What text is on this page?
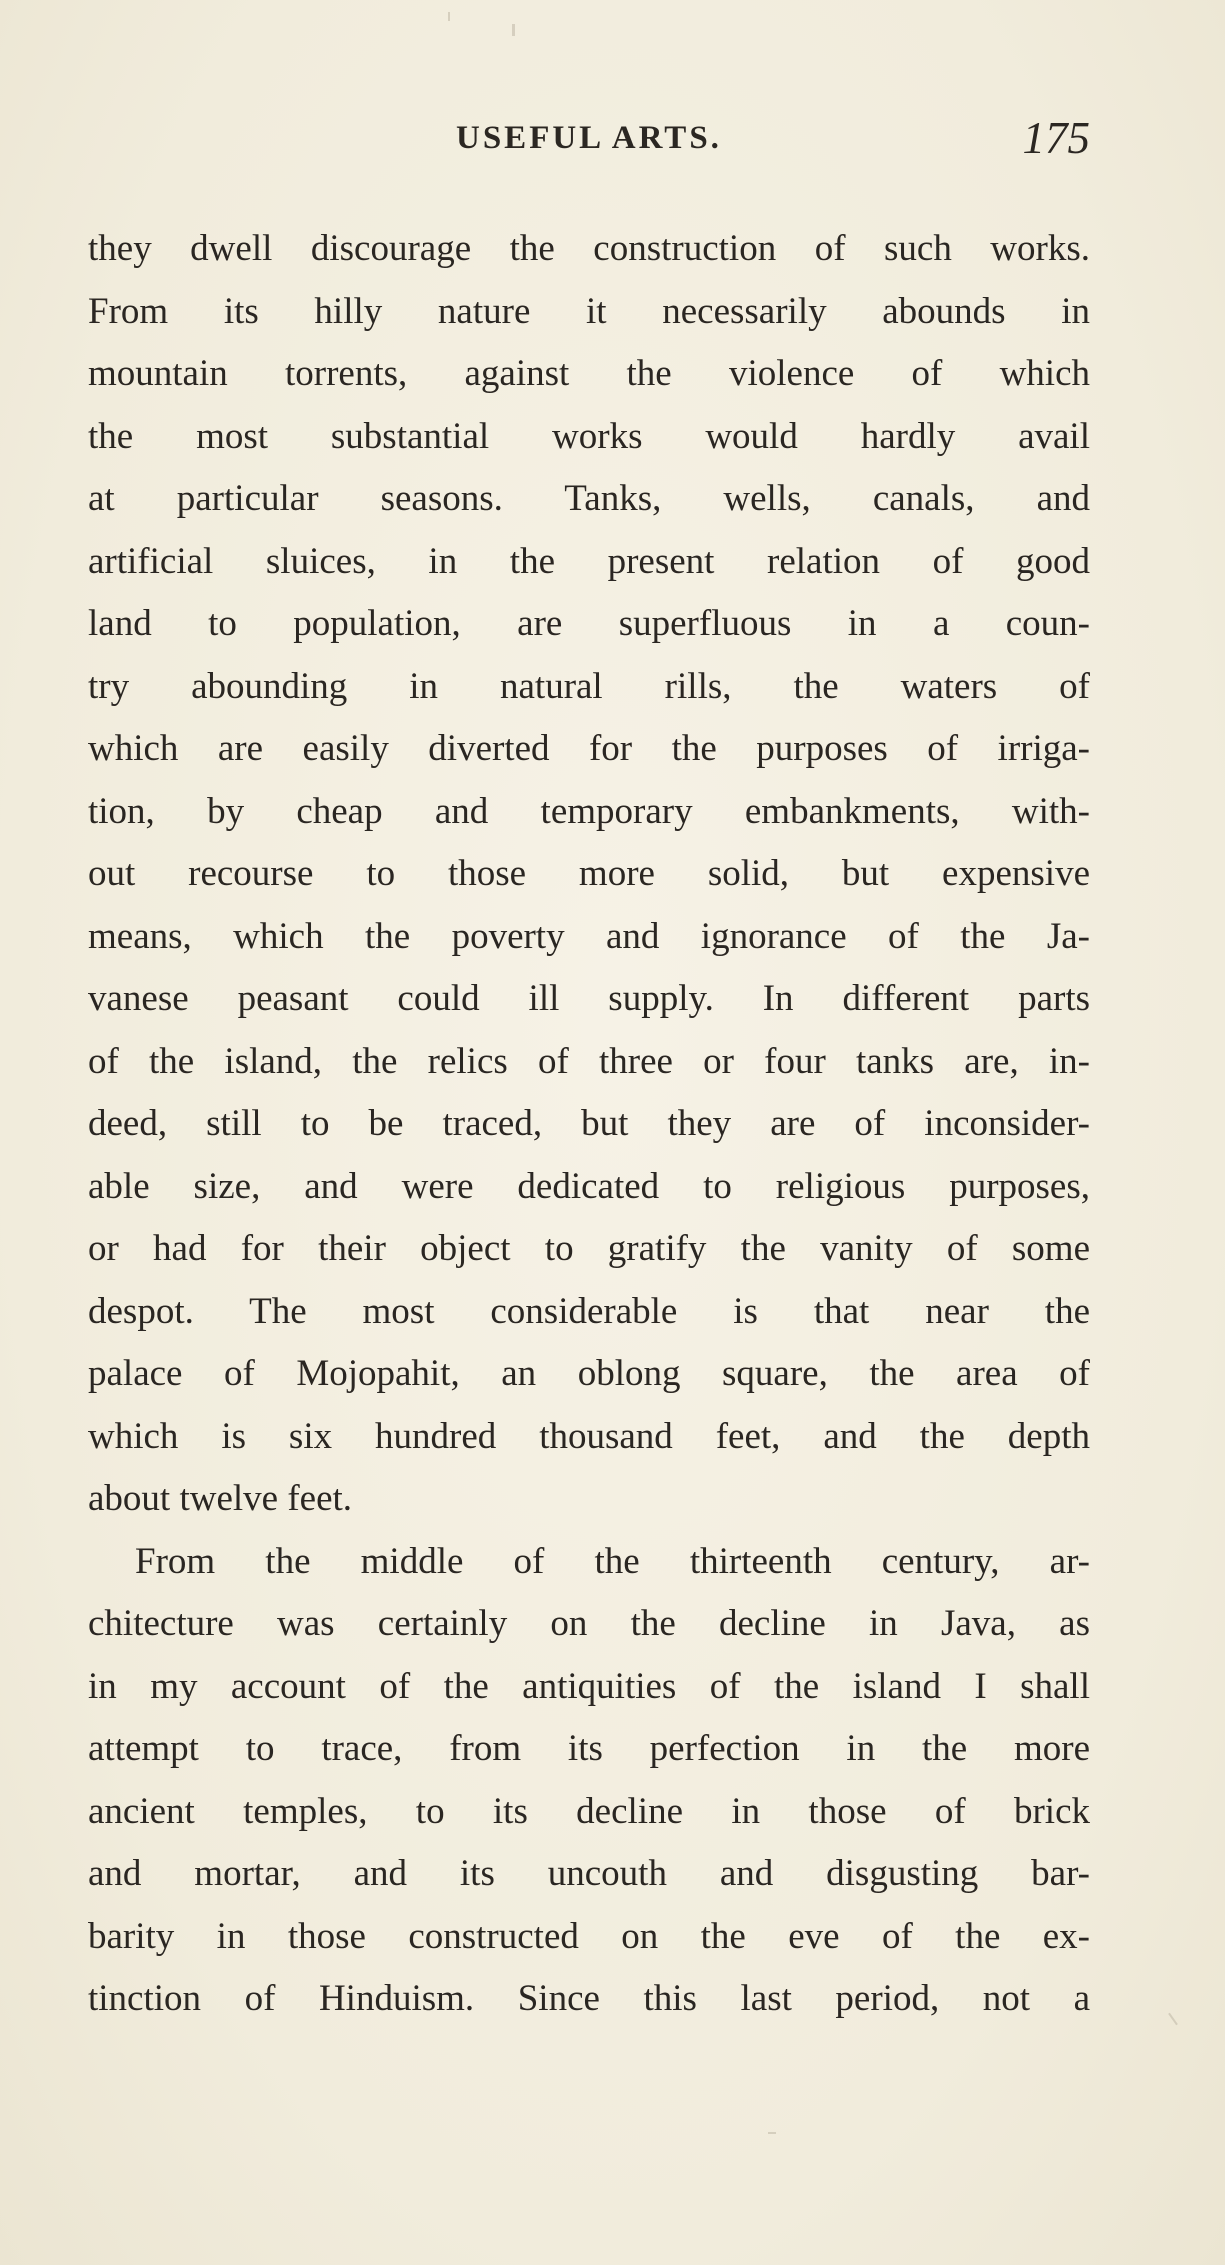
USEFUL ARTS.	175
they dwell discourage the construction of such works.
From its hilly nature it necessarily abounds in
mountain torrents, against the violence of which
the most substantial works would hardly avail
at particular seasons. Tanks, wells, canals, and
artificial sluices, in the present relation of good
land to population, are superfluous in a coun-
try abounding in natural rills, the waters of
which are easily diverted for the purposes of irriga-
tion, by cheap and temporary embankments, with-
out recourse to those more solid, but expensive
means, which the poverty and ignorance of the Ja-
vanese peasant could ill supply. In different parts
of the island, the relics of three or four tanks are, in-
deed, still to be traced, but they are of inconsider-
able size, and were dedicated to religious purposes,
or had for their object to gratify the vanity of some
despot. The most considerable is that near the
palace of Mojopahit, an oblong square, the area of
which is six hundred thousand feet, and the depth
about twelve feet.
From the middle of the thirteenth century, ar-
chitecture was certainly on the decline in Java, as
in my account of the antiquities of the island I shall
attempt to trace, from its perfection in the more
ancient temples, to its decline in those of brick
and mortar, and its uncouth and disgusting bar-
barity in those constructed on the eve of the ex-
tinction of Hinduism. Since this last period, not a
